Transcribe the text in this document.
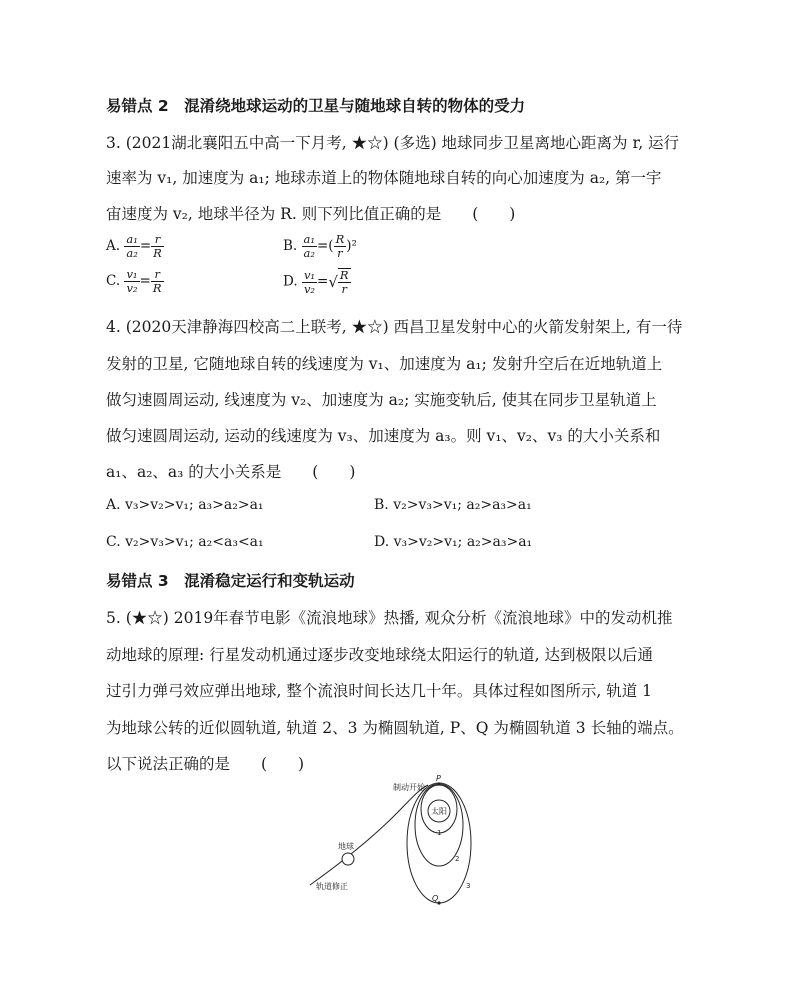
易错点 2　混淆绕地球运动的卫星与随地球自转的物体的受力
3. (2021湖北襄阳五中高一下月考, ★☆) (多选) 地球同步卫星离地心距离为 r, 运行
速率为 v₁, 加速度为 a₁; 地球赤道上的物体随地球自转的向心加速度为 a₂, 第一宇
宙速度为 v₂, 地球半径为 R. 则下列比值正确的是　　(　　)
A. $\frac{\text{a₁}}{\text{a₂}} = \frac{r}{R}$	B. $\frac{\text{a₁}}{\text{a₂}}$ =( $\frac{R}{r} )^2$
C. $\frac{\text{v₁}}{\text{v₂}} = \frac{r}{R}$	D. $\frac{\text{v₁}}{\text{v₂}}$ =√ $\frac{R}{r}$
4. (2020天津静海四校高二上联考, ★☆) 西昌卫星发射中心的火箭发射架上, 有一待
发射的卫星, 它随地球自转的线速度为 v₁、加速度为 a₁; 发射升空后在近地轨道上
做匀速圆周运动, 线速度为 v₂、加速度为 a₂; 实施变轨后, 使其在同步卫星轨道上
做匀速圆周运动, 运动的线速度为 v₃、加速度为 a₃。则 v₁、v₂、v₃ 的大小关系和
a₁、a₂、a₃ 的大小关系是　　(　　)
A. v₃>v₂>v₁; a₃>a₂>a₁	B. v₂>v₃>v₁; a₂>a₃>a₁
C. v₂>v₃>v₁; a₂<a₃<a₁	D. v₃>v₂>v₁; a₂>a₃>a₁
易错点 3　混淆稳定运行和变轨运动
5. (★☆) 2019年春节电影《流浪地球》热播, 观众分析《流浪地球》中的发动机推
动地球的原理: 行星发动机通过逐步改变地球绕太阳运行的轨道, 达到极限以后通
过引力弹弓效应弹出地球, 整个流浪时间长达几十年。具体过程如图所示, 轨道 1
为地球公转的近似圆轨道, 轨道 2、3 为椭圆轨道, P、Q 为椭圆轨道 3 长轴的端点。
以下说法正确的是　　(　　)
制动开始
P
太阳
1
2
3
Q
地球
轨道修正
